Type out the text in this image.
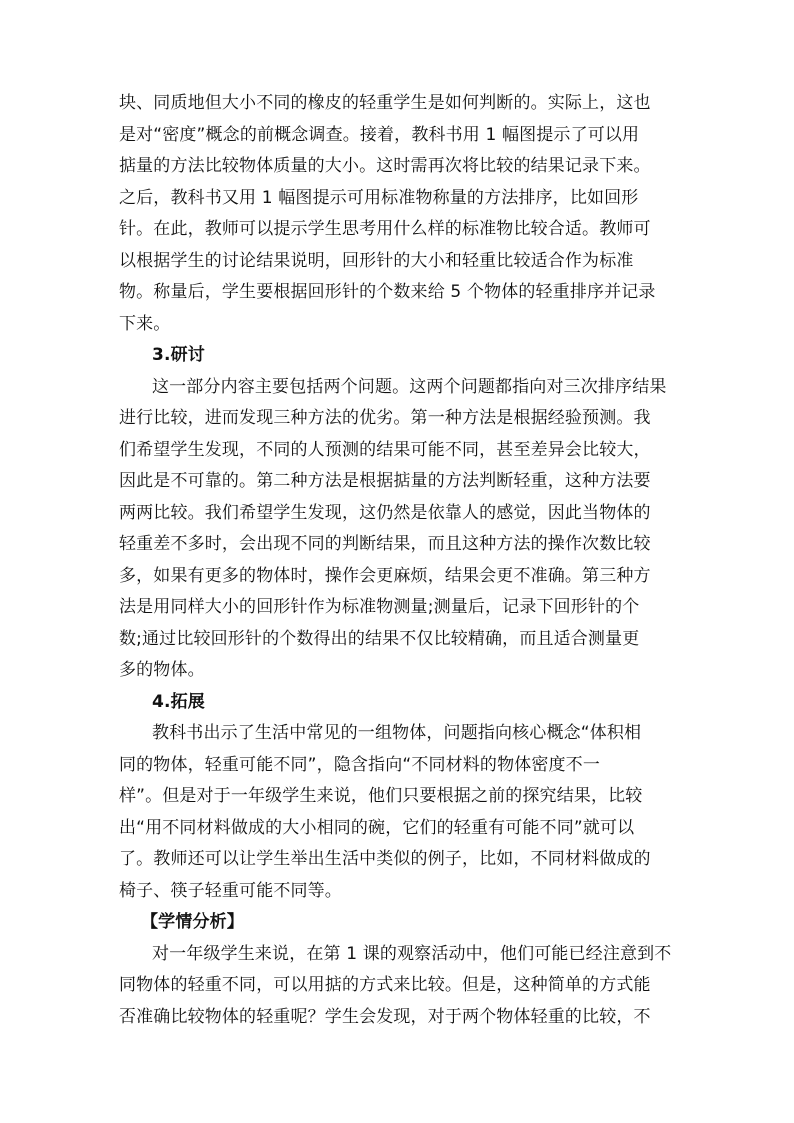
块、同质地但大小不同的橡皮的轻重学生是如何判断的。实际上，这也
是对“密度”概念的前概念调查。接着，教科书用 1 幅图提示了可以用
掂量的方法比较物体质量的大小。这时需再次将比较的结果记录下来。
之后，教科书又用 1 幅图提示可用标准物称量的方法排序，比如回形
针。在此，教师可以提示学生思考用什么样的标准物比较合适。教师可
以根据学生的讨论结果说明，回形针的大小和轻重比较适合作为标准
物。称量后，学生要根据回形针的个数来给 5 个物体的轻重排序并记录
下来。
3.研讨
这一部分内容主要包括两个问题。这两个问题都指向对三次排序结果
进行比较，进而发现三种方法的优劣。第一种方法是根据经验预测。我
们希望学生发现，不同的人预测的结果可能不同，甚至差异会比较大，
因此是不可靠的。第二种方法是根据掂量的方法判断轻重，这种方法要
两两比较。我们希望学生发现，这仍然是依靠人的感觉，因此当物体的
轻重差不多时，会出现不同的判断结果，而且这种方法的操作次数比较
多，如果有更多的物体时，操作会更麻烦，结果会更不准确。第三种方
法是用同样大小的回形针作为标准物测量;测量后，记录下回形针的个
数;通过比较回形针的个数得出的结果不仅比较精确，而且适合测量更
多的物体。
4.拓展
教科书出示了生活中常见的一组物体，问题指向核心概念“体积相
同的物体，轻重可能不同”，隐含指向“不同材料的物体密度不一
样”。但是对于一年级学生来说，他们只要根据之前的探究结果，比较
出“用不同材料做成的大小相同的碗，它们的轻重有可能不同”就可以
了。教师还可以让学生举出生活中类似的例子，比如，不同材料做成的
椅子、筷子轻重可能不同等。
【学情分析】
对一年级学生来说，在第 1 课的观察活动中，他们可能已经注意到不
同物体的轻重不同，可以用掂的方式来比较。但是，这种简单的方式能
否准确比较物体的轻重呢？学生会发现，对于两个物体轻重的比较，不
